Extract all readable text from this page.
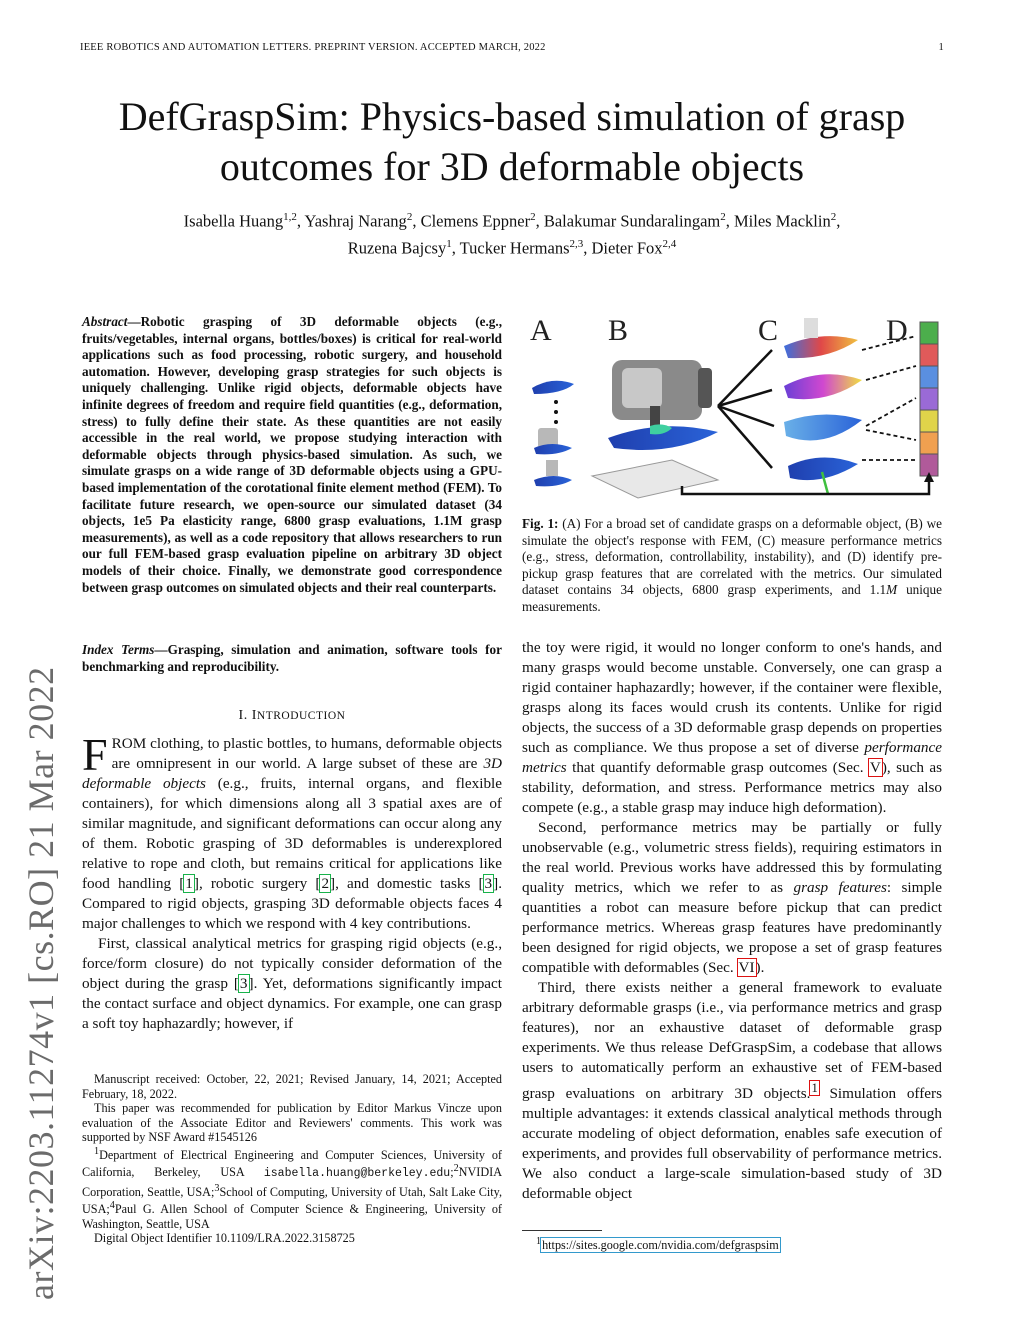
IEEE ROBOTICS AND AUTOMATION LETTERS. PREPRINT VERSION. ACCEPTED MARCH, 2022	1
DefGraspSim: Physics-based simulation of grasp
outcomes for 3D deformable objects
Isabella Huang$^{1,2}$, Yashraj Narang$^2$, Clemens Eppner$^2$, Balakumar Sundaralingam$^2$, Miles Macklin$^2$,
Ruzena Bajcsy$^1$, Tucker Hermans$^{2,3}$, Dieter Fox$^{2,4}$
arXiv:2203.11274v1 [cs.RO] 21 Mar 2022
Abstract—Robotic grasping of 3D deformable objects (e.g., fruits/vegetables, internal organs, bottles/boxes) is critical for real-world applications such as food processing, robotic surgery, and household automation. However, developing grasp strategies for such objects is uniquely challenging. Unlike rigid objects, deformable objects have infinite degrees of freedom and require field quantities (e.g., deformation, stress) to fully define their state. As these quantities are not easily accessible in the real world, we propose studying interaction with deformable objects through physics-based simulation. As such, we simulate grasps on a wide range of 3D deformable objects using a GPU-based implementation of the corotational finite element method (FEM). To facilitate future research, we open-source our simulated dataset (34 objects, 1e5 Pa elasticity range, 6800 grasp evaluations, 1.1M grasp measurements), as well as a code repository that allows researchers to run our full FEM-based grasp evaluation pipeline on arbitrary 3D object models of their choice. Finally, we demonstrate good correspondence between grasp outcomes on simulated objects and their real counterparts.
Index Terms—Grasping, simulation and animation, software tools for benchmarking and reproducibility.
I. INTRODUCTION

FROM clothing, to plastic bottles, to humans, deformable objects are omnipresent in our world. A large subset of these are 3D deformable objects (e.g., fruits, internal organs, and flexible containers), for which dimensions along all 3 spatial axes are of similar magnitude, and significant deformations can occur along any of them. Robotic grasping of 3D deformables is underexplored relative to rope and cloth, but remains critical for applications like food handling [1], robotic surgery [2], and domestic tasks [3]. Compared to rigid objects, grasping 3D deformable objects faces 4 major challenges to which we respond with 4 key contributions.

First, classical analytical metrics for grasping rigid objects (e.g., force/form closure) do not typically consider deformation of the object during the grasp [3]. Yet, deformations significantly impact the contact surface and object dynamics. For example, one can grasp a soft toy haphazardly; however, if

Manuscript received: October, 22, 2021; Revised January, 14, 2021; Accepted February, 18, 2022.

This paper was recommended for publication by Editor Markus Vincze upon evaluation of the Associate Editor and Reviewers' comments. This work was supported by NSF Award #1545126

$^1$Department of Electrical Engineering and Computer Sciences, University of California, Berkeley, USA isabella.huang@berkeley.edu;$^2$NVIDIA Corporation, Seattle, USA;$^3$School of Computing, University of Utah, Salt Lake City, USA;$^4$Paul G. Allen School of Computer Science & Engineering, University of Washington, Seattle, USA

Digital Object Identifier 10.1109/LRA.2022.3158725

A B	C	D
Fig. 1: (A) For a broad set of candidate grasps on a deformable object, (B) we simulate the object's response with FEM, (C) measure performance metrics (e.g., stress, deformation, controllability, instability), and (D) identify pre-pickup grasp features that are correlated with the metrics. Our simulated dataset contains 34 objects, 6800 grasp experiments, and 1.1M unique measurements.

the toy were rigid, it would no longer conform to one's hands, and many grasps would become unstable. Conversely, one can grasp a rigid container haphazardly; however, if the container were flexible, grasps along its faces would crush its contents. Unlike for rigid objects, the success of a 3D deformable grasp depends on properties such as compliance. We thus propose a set of diverse performance metrics that quantify deformable grasp outcomes (Sec. V), such as stability, deformation, and stress. Performance metrics may also compete (e.g., a stable grasp may induce high deformation).

Second, performance metrics may be partially or fully unobservable (e.g., volumetric stress fields), requiring estimators in the real world. Previous works have addressed this by formulating quality metrics, which we refer to as grasp features: simple quantities a robot can measure before pickup that can predict performance metrics. Whereas grasp features have predominantly been designed for rigid objects, we propose a set of grasp features compatible with deformables (Sec. VI).

Third, there exists neither a general framework to evaluate arbitrary deformable grasps (i.e., via performance metrics and grasp features), nor an exhaustive dataset of deformable grasp experiments. We thus release DefGraspSim, a codebase that allows users to automatically perform an exhaustive set of FEM-based grasp evaluations on arbitrary 3D objects.$^1$ Simulation offers multiple advantages: it extends classical analytical methods through accurate modeling of object deformation, enables safe execution of experiments, and provides full observability of performance metrics. We also conduct a large-scale simulation-based study of 3D deformable object

$^1$https://sites.google.com/nvidia.com/defgraspsim
